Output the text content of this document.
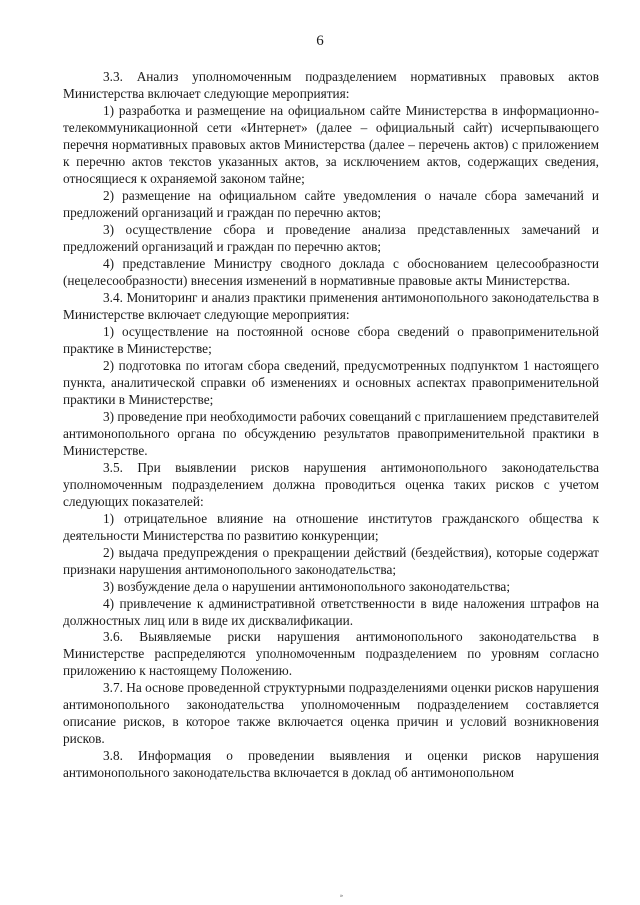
6

3.3. Анализ уполномоченным подразделением нормативных правовых актов Министерства включает следующие мероприятия:

1) разработка и размещение на официальном сайте Министерства в информационно-телекоммуникационной сети «Интернет» (далее – официальный сайт) исчерпывающего перечня нормативных правовых актов Министерства (далее – перечень актов) с приложением к перечню актов текстов указанных актов, за исключением актов, содержащих сведения, относящиеся к охраняемой законом тайне;

2) размещение на официальном сайте уведомления о начале сбора замечаний и предложений организаций и граждан по перечню актов;

3) осуществление сбора и проведение анализа представленных замечаний и предложений организаций и граждан по перечню актов;

4) представление Министру сводного доклада с обоснованием целесообразности (нецелесообразности) внесения изменений в нормативные правовые акты Министерства.

3.4. Мониторинг и анализ практики применения антимонопольного законодательства в Министерстве включает следующие мероприятия:

1) осуществление на постоянной основе сбора сведений о правоприменительной практике в Министерстве;

2) подготовка по итогам сбора сведений, предусмотренных подпунктом 1 настоящего пункта, аналитической справки об изменениях и основных аспектах правоприменительной практики в Министерстве;

3) проведение при необходимости рабочих совещаний с приглашением представителей антимонопольного органа по обсуждению результатов правоприменительной практики в Министерстве.

3.5. При выявлении рисков нарушения антимонопольного законодательства уполномоченным подразделением должна проводиться оценка таких рисков с учетом следующих показателей:

1) отрицательное влияние на отношение институтов гражданского общества к деятельности Министерства по развитию конкуренции;

2) выдача предупреждения о прекращении действий (бездействия), которые содержат признаки нарушения антимонопольного законодательства;

3) возбуждение дела о нарушении антимонопольного законодательства;

4) привлечение к административной ответственности в виде наложения штрафов на должностных лиц или в виде их дисквалификации.

3.6. Выявляемые риски нарушения антимонопольного законодательства в Министерстве распределяются уполномоченным подразделением по уровням согласно приложению к настоящему Положению.

3.7. На основе проведенной структурными подразделениями оценки рисков нарушения антимонопольного законодательства уполномоченным подразделением составляется описание рисков, в которое также включается оценка причин и условий возникновения рисков.

3.8. Информация о проведении выявления и оценки рисков нарушения антимонопольного законодательства включается в доклад об антимонопольном

»
